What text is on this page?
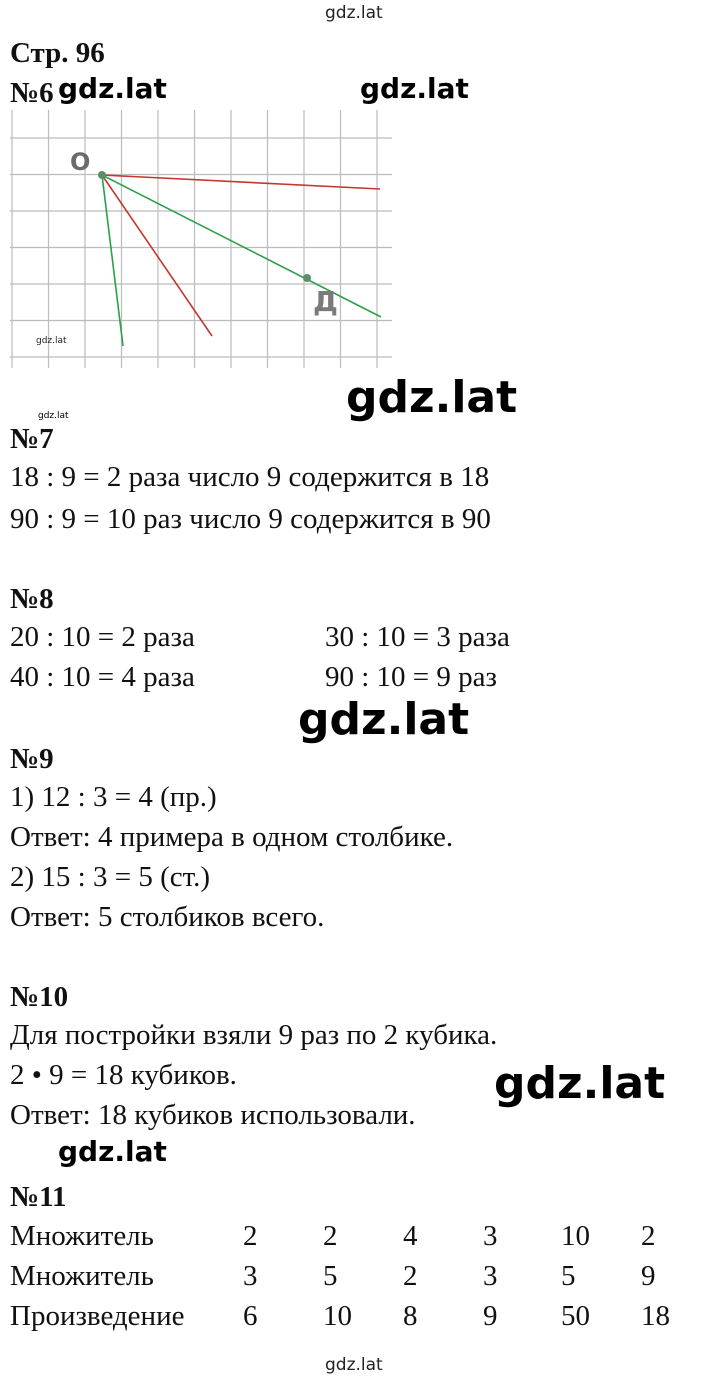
gdz.lat
Стр. 96
№6 gdz.lat	gdz.lat
О
Д
gdz.lat
gdz.lat
gdz.lat
№7
18 : 9 = 2 раза число 9 содержится в 18
90 : 9 = 10 раз число 9 содержится в 90
№8
20 : 10 = 2 раза	30 : 10 = 3 раза
40 : 10 = 4 раза	90 : 10 = 9 раз
gdz.lat
№9
1) 12 : 3 = 4 (пр.)
Ответ: 4 примера в одном столбике.
2) 15 : 3 = 5 (ст.)
Ответ: 5 столбиков всего.
№10
Для постройки взяли 9 раз по 2 кубика.
2 • 9 = 18 кубиков.
Ответ: 18 кубиков использовали.
gdz.lat
gdz.lat
№11
Множитель	2	2	4	3	10	2
Множитель	3	5	2	3	5	9
Произведение	6	10	8	9	50	18
gdz.lat
